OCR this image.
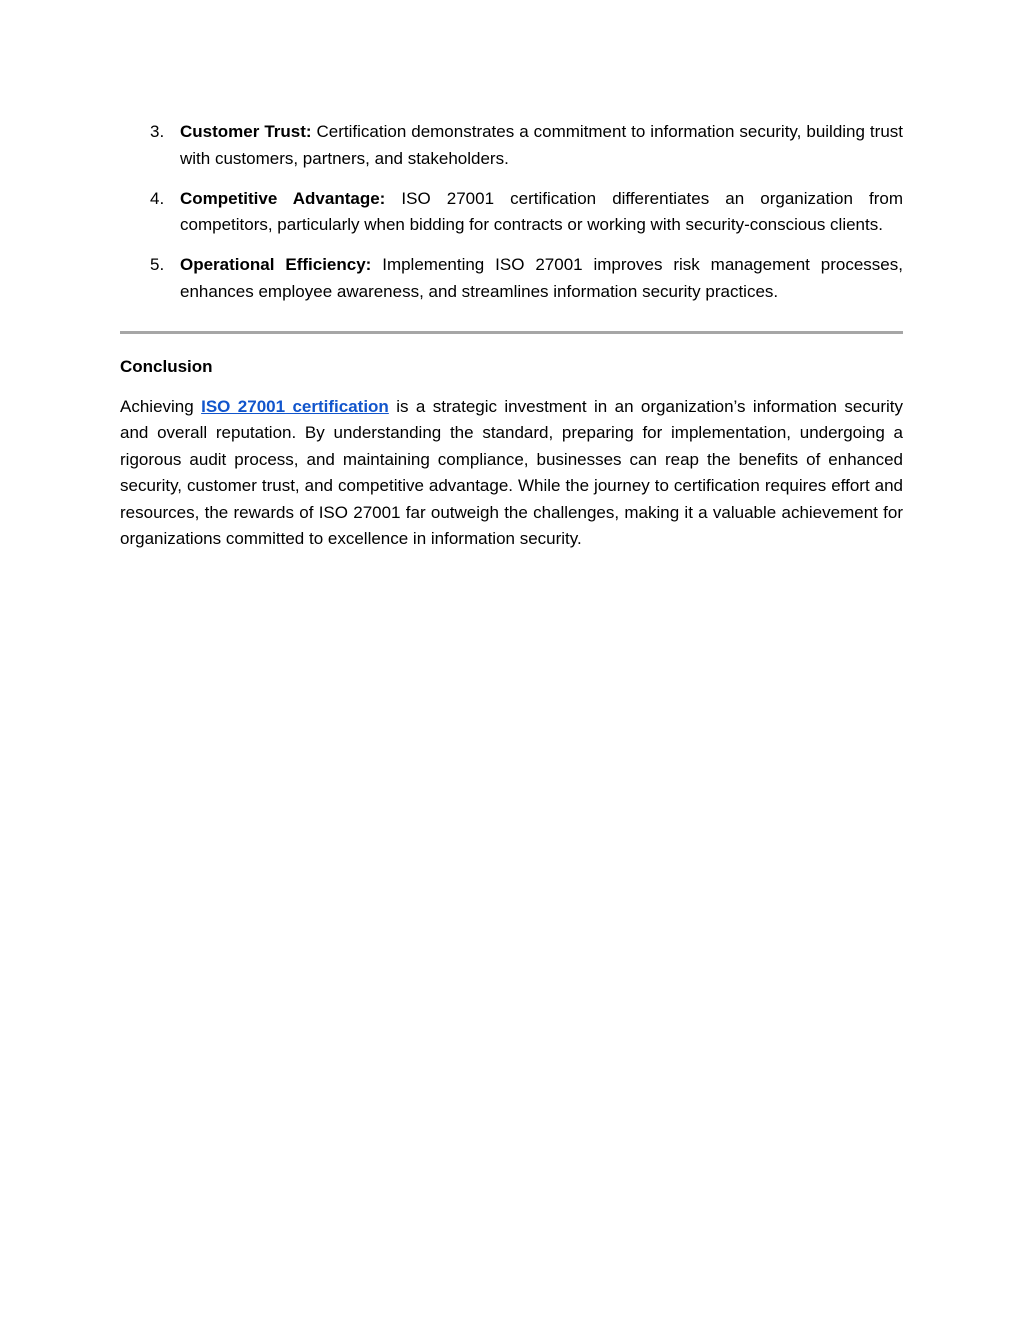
3. Customer Trust: Certification demonstrates a commitment to information security, building trust with customers, partners, and stakeholders.
4. Competitive Advantage: ISO 27001 certification differentiates an organization from competitors, particularly when bidding for contracts or working with security-conscious clients.
5. Operational Efficiency: Implementing ISO 27001 improves risk management processes, enhances employee awareness, and streamlines information security practices.
Conclusion

Achieving ISO 27001 certification is a strategic investment in an organization’s information security and overall reputation. By understanding the standard, preparing for implementation, undergoing a rigorous audit process, and maintaining compliance, businesses can reap the benefits of enhanced security, customer trust, and competitive advantage. While the journey to certification requires effort and resources, the rewards of ISO 27001 far outweigh the challenges, making it a valuable achievement for organizations committed to excellence in information security.
